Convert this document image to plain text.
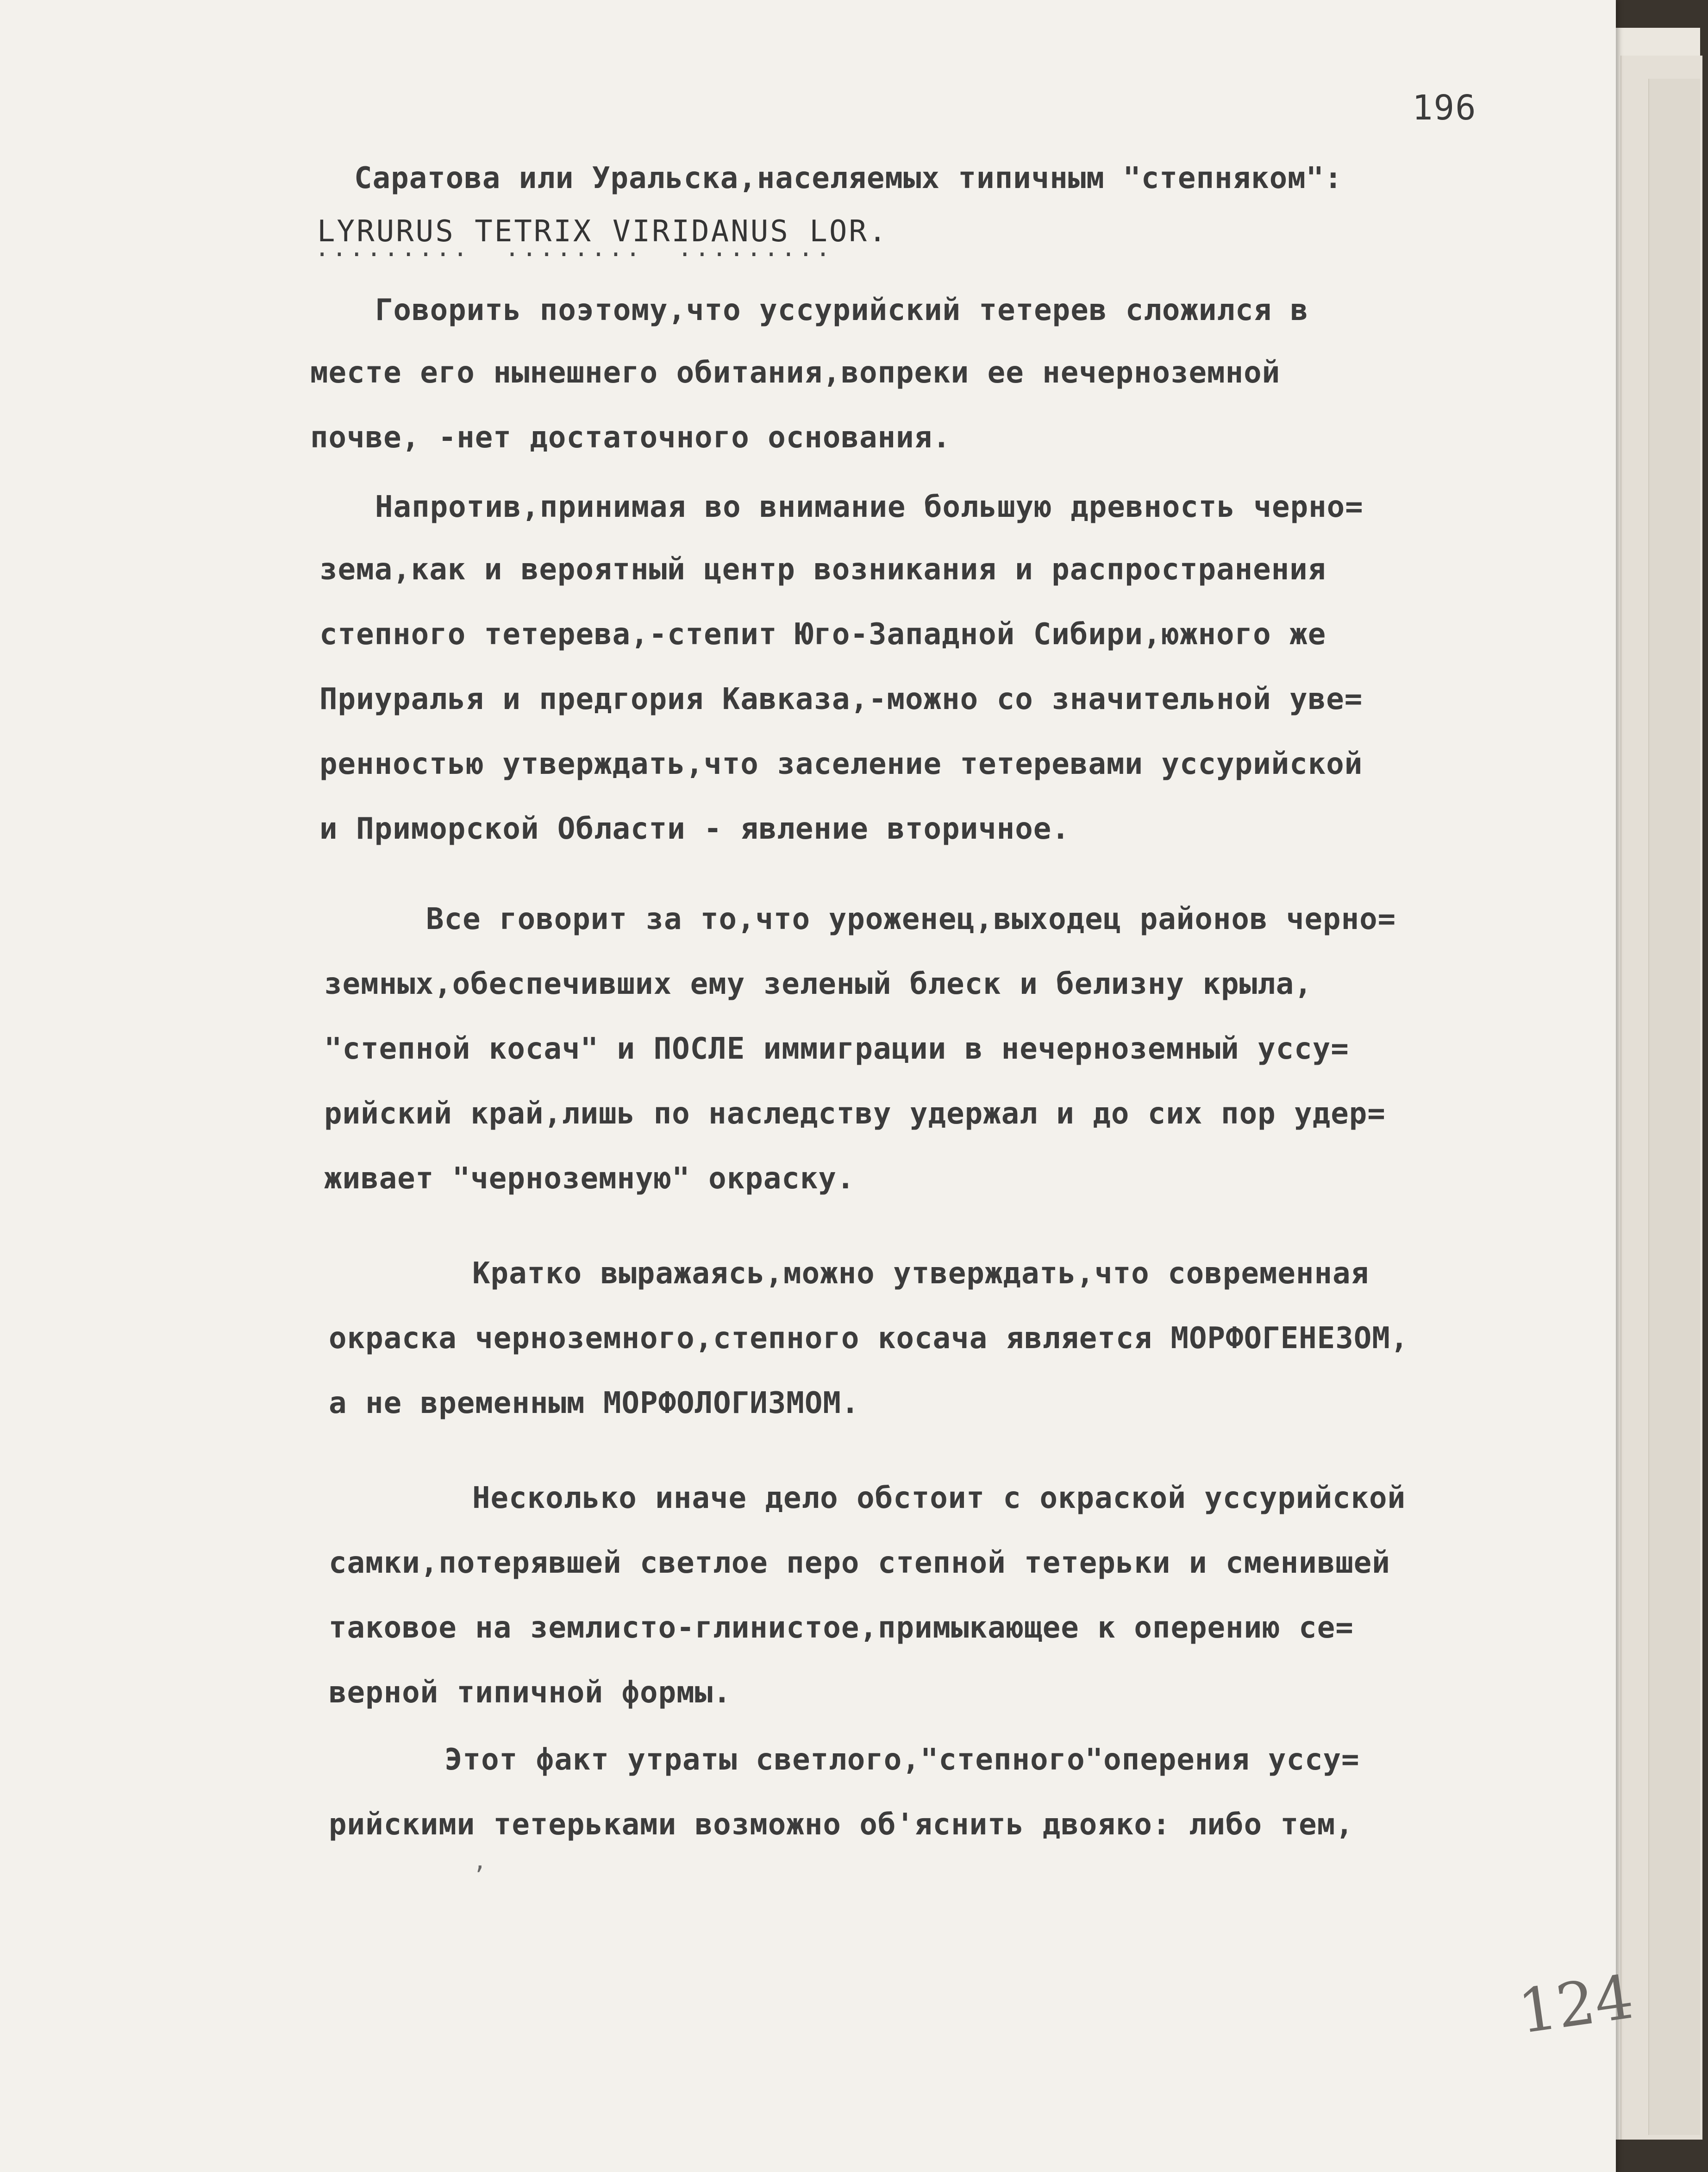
196
Саратова или Уральска,населяемых типичным "степняком":
LYRURUS TETRIX VIRIDANUS LOR.
·········  ········  ·········
Говорить поэтому,что уссурийский тетерев сложился в
месте его нынешнего обитания,вопреки ее нечерноземной
почве, -нет достаточного основания.
Напротив,принимая во внимание большую древность черно=
зема,как и вероятный центр возникания и распространения
степного тетерева,-степит Юго-Западной Сибири,южного же
Приуралья и предгория Кавказа,-можно со значительной уве=
ренностью утверждать,что заселение тетеревами уссурийской
и Приморской Области - явление вторичное.
Все говорит за то,что уроженец,выходец районов черно=
земных,обеспечивших ему зеленый блеск и белизну крыла,
"степной косач" и ПОСЛЕ иммиграции в нечерноземный уссу=
рийский край,лишь по наследству удержал и до сих пор удер=
живает "черноземную" окраску.
Кратко выражаясь,можно утверждать,что современная
окраска черноземного,степного косача является МОРФОГЕНЕЗОМ,
а не временным МОРФОЛОГИЗМОМ.
Несколько иначе дело обстоит с окраской уссурийской
самки,потерявшей светлое перо степной тетерьки и сменившей
таковое на землисто-глинистое,примыкающее к оперению се=
верной типичной формы.
Этот факт утраты светлого,"степного"оперения уссу=
рийскими тетерьками возможно об'яснить двояко: либо тем,
ʼ
124
